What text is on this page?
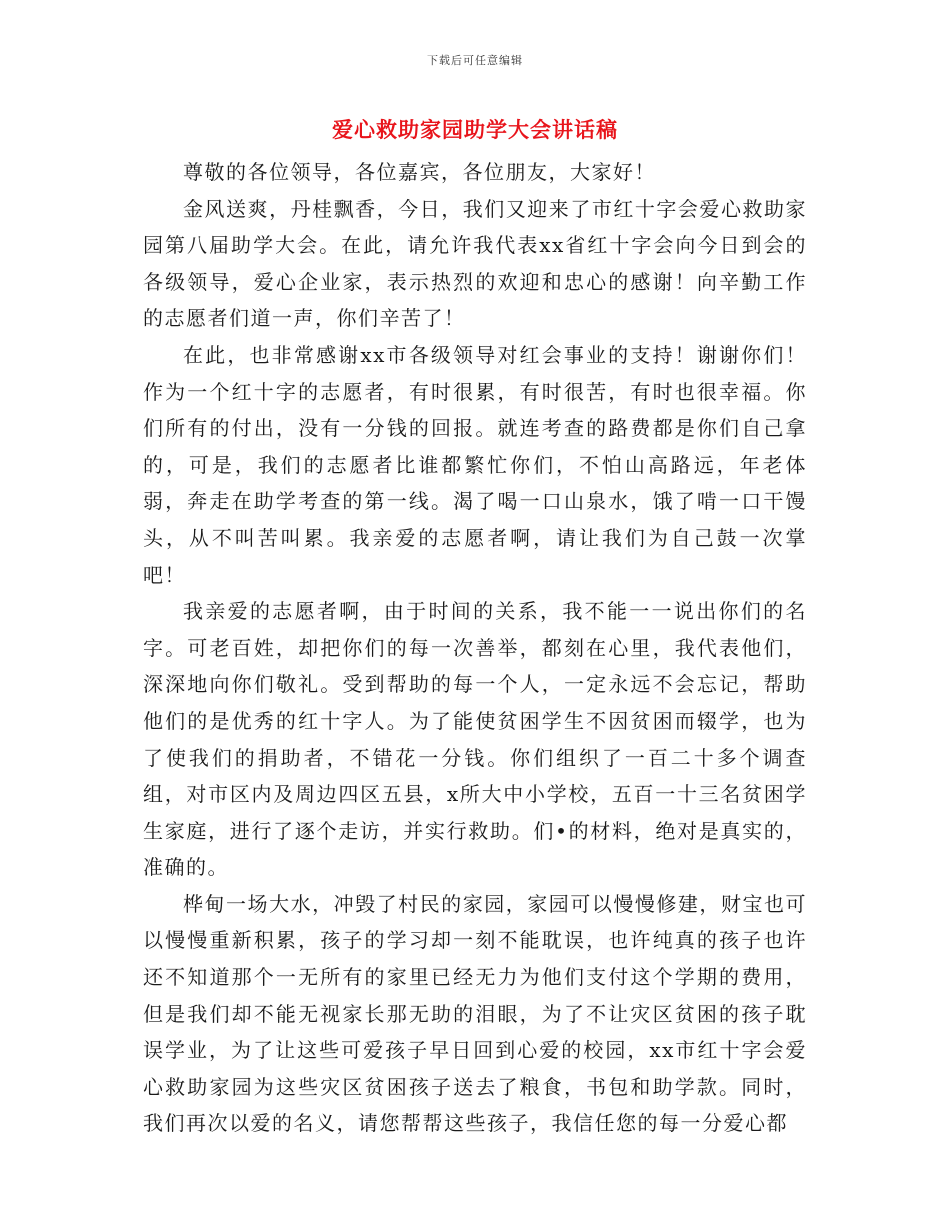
下载后可任意编辑
爱心救助家园助学大会讲话稿

尊敬的各位领导，各位嘉宾，各位朋友，大家好！

金风送爽，丹桂飘香，今日，我们又迎来了市红十字会爱心救助家园第八届助学大会。在此，请允许我代表xx省红十字会向今日到会的各级领导，爱心企业家，表示热烈的欢迎和忠心的感谢！向辛勤工作的志愿者们道一声，你们辛苦了！

在此，也非常感谢xx市各级领导对红会事业的支持！谢谢你们！作为一个红十字的志愿者，有时很累，有时很苦，有时也很幸福。你们所有的付出，没有一分钱的回报。就连考查的路费都是你们自己拿的，可是，我们的志愿者比谁都繁忙你们，不怕山高路远，年老体弱，奔走在助学考查的第一线。渴了喝一口山泉水，饿了啃一口干馒头，从不叫苦叫累。我亲爱的志愿者啊，请让我们为自己鼓一次掌吧！

我亲爱的志愿者啊，由于时间的关系，我不能一一说出你们的名字。可老百姓，却把你们的每一次善举，都刻在心里，我代表他们，深深地向你们敬礼。受到帮助的每一个人，一定永远不会忘记，帮助他们的是优秀的红十字人。为了能使贫困学生不因贫困而辍学，也为了使我们的捐助者，不错花一分钱。你们组织了一百二十多个调查组，对市区内及周边四区五县，x所大中小学校，五百一十三名贫困学生家庭，进行了逐个走访，并实行救助。们•的材料，绝对是真实的，准确的。

桦甸一场大水，冲毁了村民的家园，家园可以慢慢修建，财宝也可以慢慢重新积累，孩子的学习却一刻不能耽误，也许纯真的孩子也许还不知道那个一无所有的家里已经无力为他们支付这个学期的费用，但是我们却不能无视家长那无助的泪眼，为了不让灾区贫困的孩子耽误学业，为了让这些可爱孩子早日回到心爱的校园，xx市红十字会爱心救助家园为这些灾区贫困孩子送去了粮食，书包和助学款。同时，我们再次以爱的名义，请您帮帮这些孩子，我信任您的每一分爱心都
